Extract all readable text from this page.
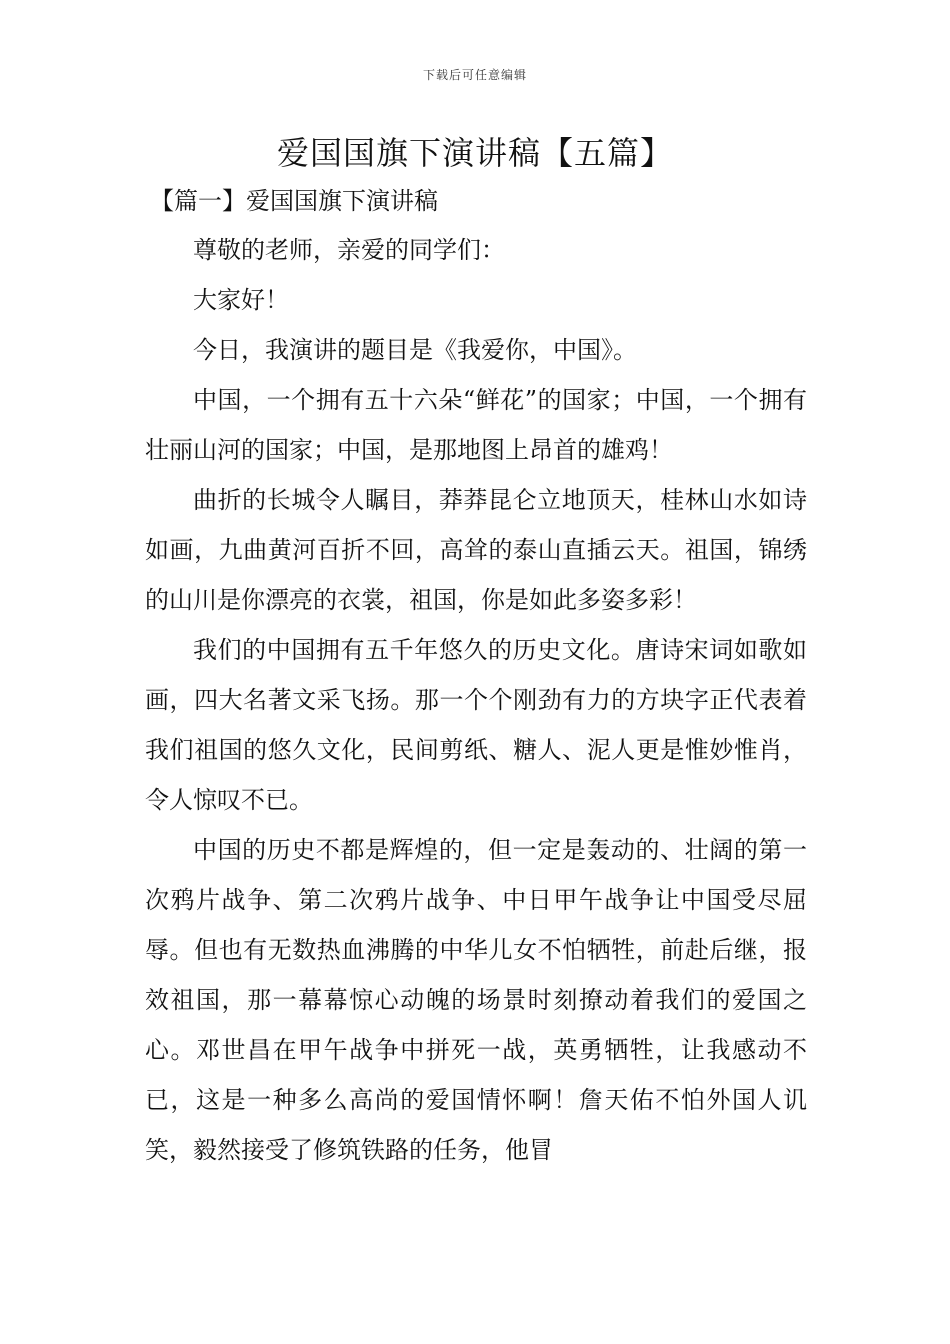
下载后可任意编辑
爱国国旗下演讲稿【五篇】
【篇一】爱国国旗下演讲稿

尊敬的老师，亲爱的同学们：

大家好！

今日，我演讲的题目是《我爱你，中国》。

中国，一个拥有五十六朵“鲜花”的国家；中国，一个拥有壮丽山河的国家；中国，是那地图上昂首的雄鸡！

曲折的长城令人瞩目，莽莽昆仑立地顶天，桂林山水如诗如画，九曲黄河百折不回，高耸的泰山直插云天。祖国，锦绣的山川是你漂亮的衣裳，祖国，你是如此多姿多彩！

我们的中国拥有五千年悠久的历史文化。唐诗宋词如歌如画，四大名著文采飞扬。那一个个刚劲有力的方块字正代表着我们祖国的悠久文化，民间剪纸、糖人、泥人更是惟妙惟肖，令人惊叹不已。

中国的历史不都是辉煌的，但一定是轰动的、壮阔的第一次鸦片战争、第二次鸦片战争、中日甲午战争让中国受尽屈辱。但也有无数热血沸腾的中华儿女不怕牺牲，前赴后继，报效祖国，那一幕幕惊心动魄的场景时刻撩动着我们的爱国之心。邓世昌在甲午战争中拼死一战，英勇牺牲，让我感动不已，这是一种多么高尚的爱国情怀啊！詹天佑不怕外国人讥笑，毅然接受了修筑铁路的任务，他冒
